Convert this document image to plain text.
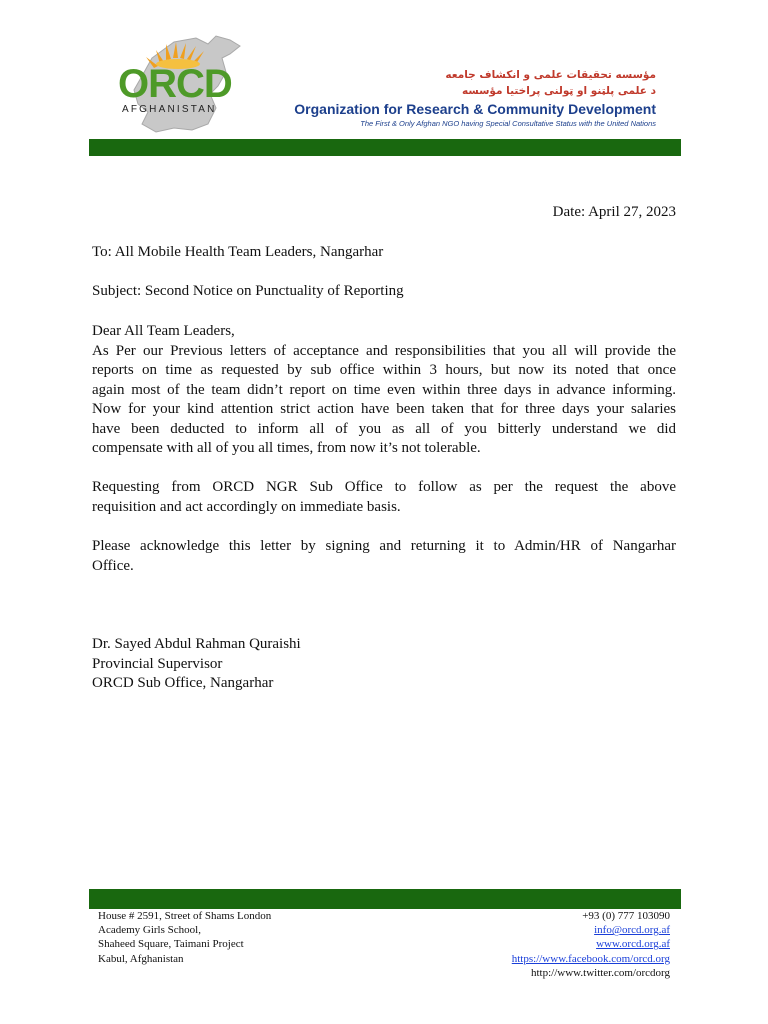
ORCD
AFGHANISTAN
مؤسسه تحقیقات علمی و انکشاف جامعه
د علمی پلټنو او ټولنی پراختیا مؤسسه
Organization for Research & Community Development
The First & Only Afghan NGO having Special Consultative Status with the United Nations
Date: April 27, 2023

To: All Mobile Health Team Leaders, Nangarhar

Subject: Second Notice on Punctuality of Reporting

Dear All Team Leaders,
As Per our Previous letters of acceptance and responsibilities that you all will provide the
reports on time as requested by sub office within 3 hours, but now its noted that once
again most of the team didn’t report on time even within three days in advance informing.
Now for your kind attention strict action have been taken that for three days your salaries
have been deducted to inform all of you as all of you bitterly understand we did
compensate with all of you all times, from now it’s not tolerable.
Requesting from ORCD NGR Sub Office to follow as per the request the above
requisition and act accordingly on immediate basis.
Please acknowledge this letter by signing and returning it to Admin/HR of Nangarhar
Office.
Dr. Sayed Abdul Rahman Quraishi
Provincial Supervisor
ORCD Sub Office, Nangarhar
House # 2591, Street of Shams London
Academy Girls School,
Shaheed Square, Taimani Project
Kabul, Afghanistan
+93 (0) 777 103090
info@orcd.org.af
www.orcd.org.af
https://www.facebook.com/orcd.org
http://www.twitter.com/orcdorg
